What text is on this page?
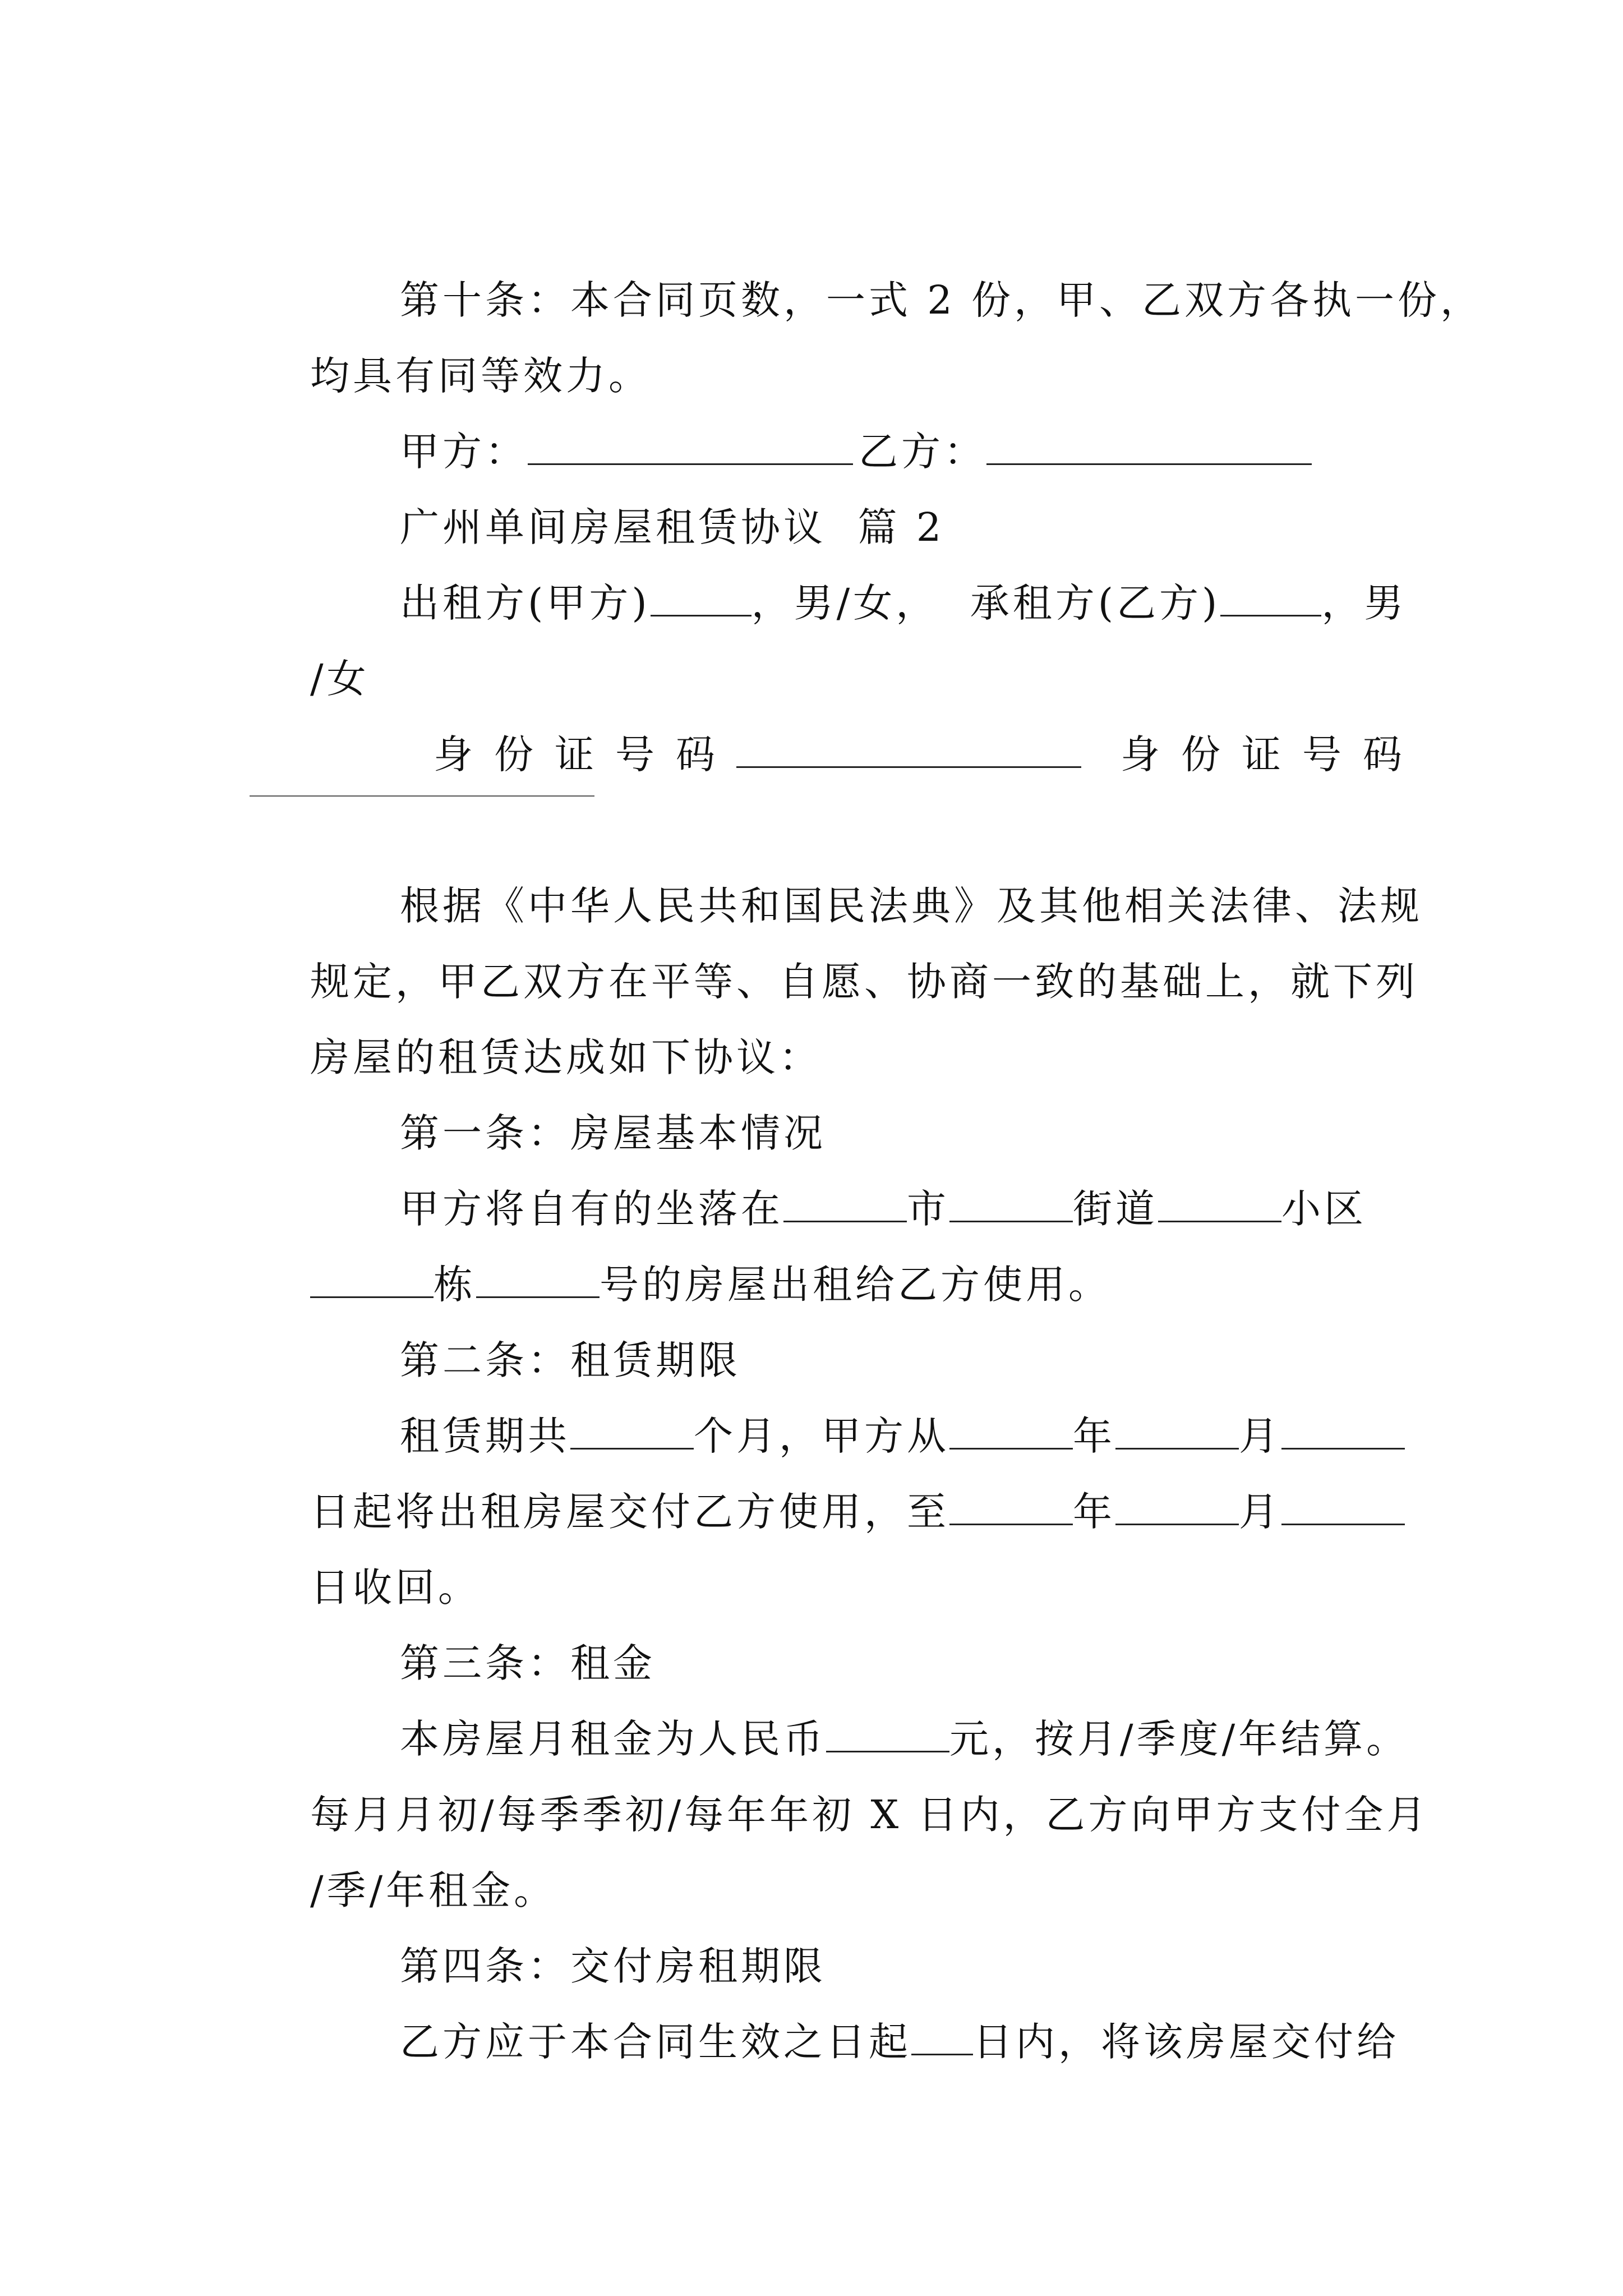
第十条：本合同页数，一式 2 份，甲、乙双方各执一份，

均具有同等效力。

甲方：	乙方：

广州单间房屋租赁协议  篇 2

出租方(甲方)	，男/女，  承租方(乙方)	，男

/女

身份证号码	身份证号码

根据《中华人民共和国民法典》及其他相关法律、法规

规定，甲乙双方在平等、自愿、协商一致的基础上，就下列

房屋的租赁达成如下协议：

第一条：房屋基本情况

甲方将自有的坐落在	市	街道	小区

栋	号的房屋出租给乙方使用。

第二条：租赁期限

租赁期共	个月，甲方从	年	月

日起将出租房屋交付乙方使用，至	年	月

日收回。

第三条：租金

本房屋月租金为人民币	元，按月/季度/年结算。

每月月初/每季季初/每年年初 X 日内，乙方向甲方支付全月

/季/年租金。

第四条：交付房租期限

乙方应于本合同生效之日起 日内，将该房屋交付给
